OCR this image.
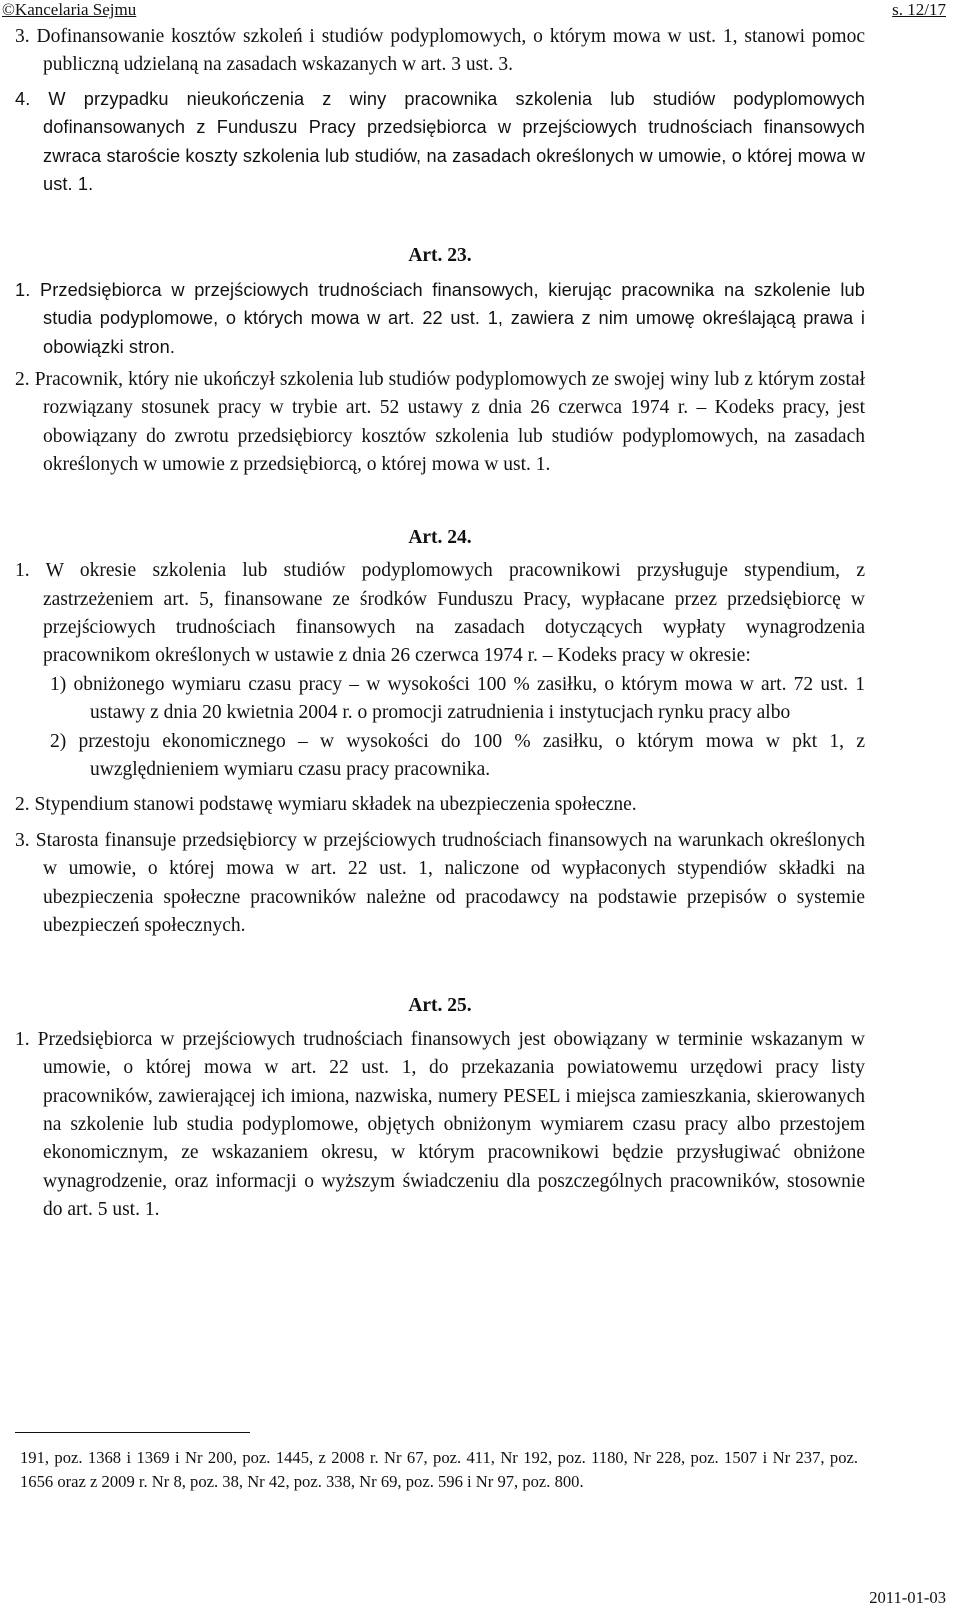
©Kancelaria Sejmu	s. 12/17

3. Dofinansowanie kosztów szkoleń i studiów podyplomowych, o którym mowa w ust. 1, stanowi pomoc publiczną udzielaną na zasadach wskazanych w art. 3 ust. 3.

4. W przypadku nieukończenia z winy pracownika szkolenia lub studiów podyplomowych dofinansowanych z Funduszu Pracy przedsiębiorca w przejściowych trudnościach finansowych zwraca staroście koszty szkolenia lub studiów, na zasadach określonych w umowie, o której mowa w ust. 1.

Art. 23.

1. Przedsiębiorca w przejściowych trudnościach finansowych, kierując pracownika na szkolenie lub studia podyplomowe, o których mowa w art. 22 ust. 1, zawiera z nim umowę określającą prawa i obowiązki stron.

2. Pracownik, który nie ukończył szkolenia lub studiów podyplomowych ze swojej winy lub z którym został rozwiązany stosunek pracy w trybie art. 52 ustawy z dnia 26 czerwca 1974 r. – Kodeks pracy, jest obowiązany do zwrotu przedsiębiorcy kosztów szkolenia lub studiów podyplomowych, na zasadach określonych w umowie z przedsiębiorcą, o której mowa w ust. 1.

Art. 24.

1. W okresie szkolenia lub studiów podyplomowych pracownikowi przysługuje stypendium, z zastrzeżeniem art. 5, finansowane ze środków Funduszu Pracy, wypłacane przez przedsiębiorcę w przejściowych trudnościach finansowych na zasadach dotyczących wypłaty wynagrodzenia pracownikom określonych w ustawie z dnia 26 czerwca 1974 r. – Kodeks pracy w okresie:

1) obniżonego wymiaru czasu pracy – w wysokości 100 % zasiłku, o którym mowa w art. 72 ust. 1 ustawy z dnia 20 kwietnia 2004 r. o promocji zatrudnienia i instytucjach rynku pracy albo

2) przestoju ekonomicznego – w wysokości do 100 % zasiłku, o którym mowa w pkt 1, z uwzględnieniem wymiaru czasu pracy pracownika.

2. Stypendium stanowi podstawę wymiaru składek na ubezpieczenia społeczne.

3. Starosta finansuje przedsiębiorcy w przejściowych trudnościach finansowych na warunkach określonych w umowie, o której mowa w art. 22 ust. 1, naliczone od wypłaconych stypendiów składki na ubezpieczenia społeczne pracowników należne od pracodawcy na podstawie przepisów o systemie ubezpieczeń społecznych.

Art. 25.

1. Przedsiębiorca w przejściowych trudnościach finansowych jest obowiązany w terminie wskazanym w umowie, o której mowa w art. 22 ust. 1, do przekazania powiatowemu urzędowi pracy listy pracowników, zawierającej ich imiona, nazwiska, numery PESEL i miejsca zamieszkania, skierowanych na szkolenie lub studia podyplomowe, objętych obniżonym wymiarem czasu pracy albo przestojem ekonomicznym, ze wskazaniem okresu, w którym pracownikowi będzie przysługiwać obniżone wynagrodzenie, oraz informacji o wyższym świadczeniu dla poszczególnych pracowników, stosownie do art. 5 ust. 1.

191, poz. 1368 i 1369 i Nr 200, poz. 1445, z 2008 r. Nr 67, poz. 411, Nr 192, poz. 1180, Nr 228, poz. 1507 i Nr 237, poz. 1656 oraz z 2009 r. Nr 8, poz. 38, Nr 42, poz. 338, Nr 69, poz. 596 i Nr 97, poz. 800.

2011-01-03
